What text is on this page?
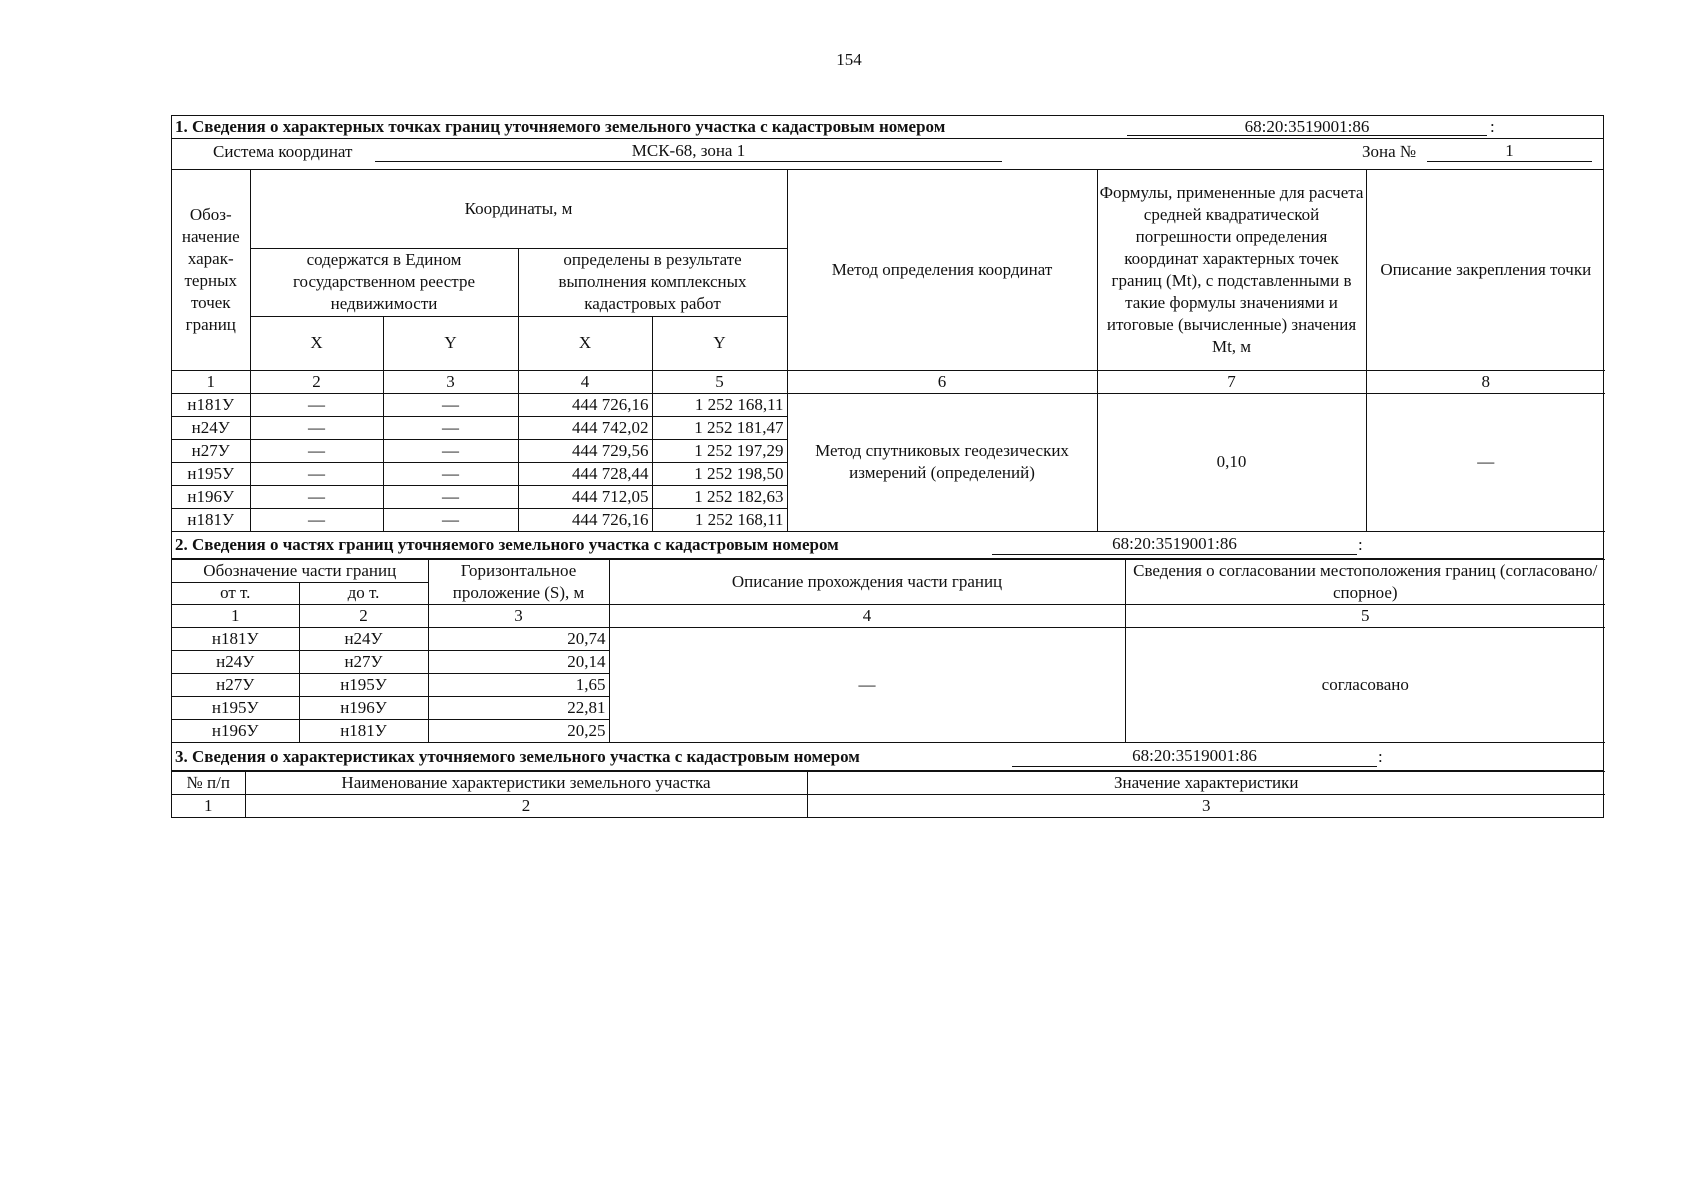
154
1. Сведения о характерных точках границ уточняемого земельного участка с кадастровым номером	68:20:3519001:86	:
Система координат	МСК-68, зона 1	Зона №	1
Обоз-начение харак-терных точек границ	Координаты, м				Метод определения координат	Формулы, примененные для расчета средней квадратической погрешности определения координат характерных точек границ (Mt), с подставленными в такие формулы значениями и итоговые (вычисленные) значения Mt, м	Описание закрепления точки
	содержатся в Едином государственном реестре недвижимости		определены в результате выполнения комплексных кадастровых работ				
	X	Y	X	Y			
1	2	3	4	5	6	7	8
н181У	—	—	444 726,16	1 252 168,11	Метод спутниковых геодезических измерений (определений)	0,10	—
н24У	—	—	444 742,02	1 252 181,47			
н27У	—	—	444 729,56	1 252 197,29			
н195У	—	—	444 728,44	1 252 198,50			
н196У	—	—	444 712,05	1 252 182,63			
н181У	—	—	444 726,16	1 252 168,11			
2. Сведения о частях границ уточняемого земельного участка с кадастровым номером	68:20:3519001:86	:
Обозначение части границ		Горизонтальное проложение (S), м	Описание прохождения части границ	Сведения о согласовании местоположения границ (согласовано/спорное)
от т.	до т.			
1	2	3	4	5
н181У	н24У	20,74	—	согласовано
н24У	н27У	20,14		
н27У	н195У	1,65		
н195У	н196У	22,81		
н196У	н181У	20,25		
3. Сведения о характеристиках уточняемого земельного участка с кадастровым номером	68:20:3519001:86	:
№ п/п	Наименование характеристики земельного участка	Значение характеристики
1	2	3
